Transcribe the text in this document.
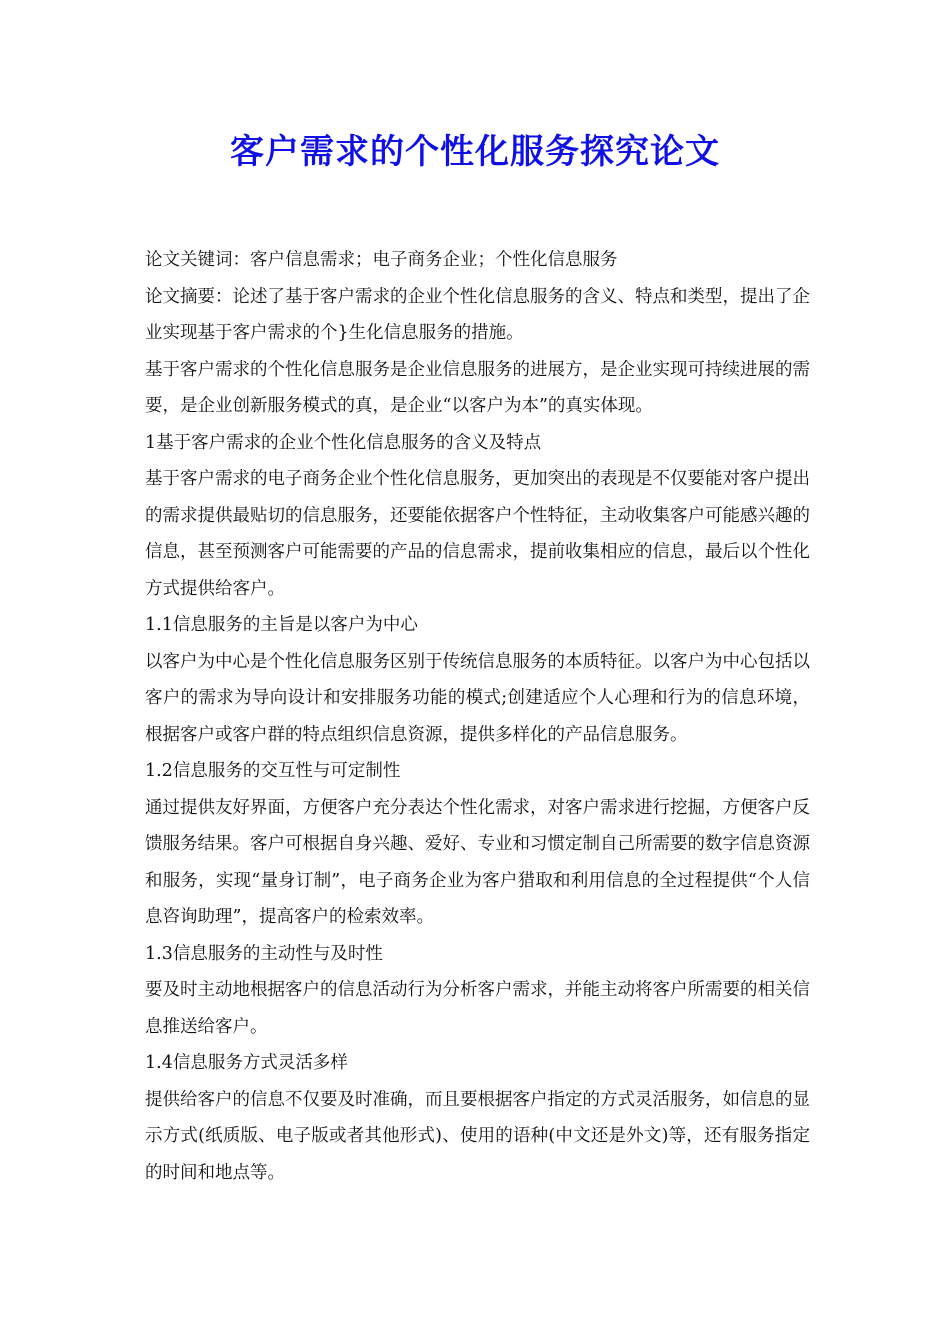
客户需求的个性化服务探究论文

论文关键词：客户信息需求；电子商务企业；个性化信息服务

论文摘要：论述了基于客户需求的企业个性化信息服务的含义、特点和类型，提出了企业实现基于客户需求的个}生化信息服务的措施。

基于客户需求的个性化信息服务是企业信息服务的进展方，是企业实现可持续进展的需要，是企业创新服务模式的真，是企业“以客户为本”的真实体现。

1基于客户需求的企业个性化信息服务的含义及特点

基于客户需求的电子商务企业个性化信息服务，更加突出的表现是不仅要能对客户提出的需求提供最贴切的信息服务，还要能依据客户个性特征，主动收集客户可能感兴趣的信息，甚至预测客户可能需要的产品的信息需求，提前收集相应的信息，最后以个性化方式提供给客户。

1.1信息服务的主旨是以客户为中心

以客户为中心是个性化信息服务区别于传统信息服务的本质特征。以客户为中心包括以客户的需求为导向设计和安排服务功能的模式;创建适应个人心理和行为的信息环境，根据客户或客户群的特点组织信息资源，提供多样化的产品信息服务。

1.2信息服务的交互性与可定制性

通过提供友好界面，方便客户充分表达个性化需求，对客户需求进行挖掘，方便客户反馈服务结果。客户可根据自身兴趣、爱好、专业和习惯定制自己所需要的数字信息资源和服务，实现“量身订制”，电子商务企业为客户猎取和利用信息的全过程提供“个人信息咨询助理”，提高客户的检索效率。

1.3信息服务的主动性与及时性

要及时主动地根据客户的信息活动行为分析客户需求，并能主动将客户所需要的相关信息推送给客户。

1.4信息服务方式灵活多样

提供给客户的信息不仅要及时准确，而且要根据客户指定的方式灵活服务，如信息的显示方式(纸质版、电子版或者其他形式)、使用的语种(中文还是外文)等，还有服务指定的时间和地点等。
